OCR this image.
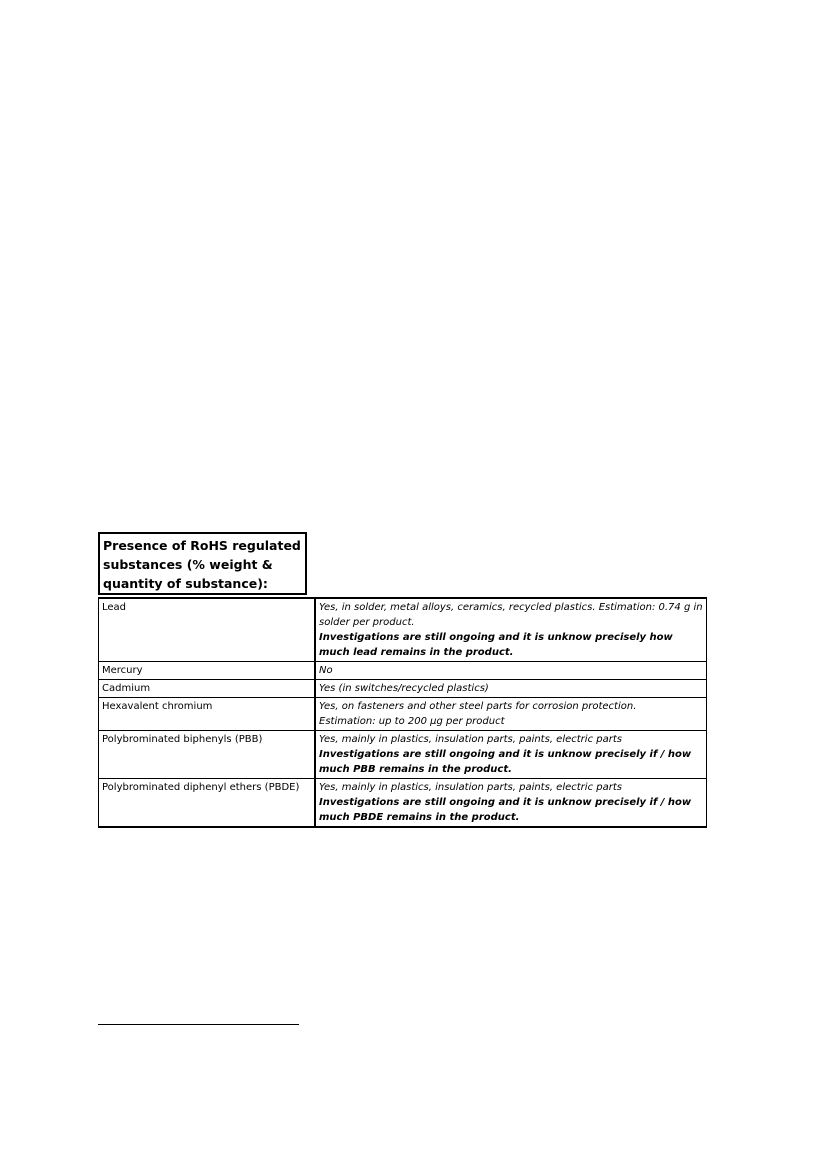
Presence of RoHS regulated substances (% weight & quantity of substance):
Lead	Yes, in solder, metal alloys, ceramics, recycled plastics. Estimation: 0.74 g in solder per product.
Investigations are still ongoing and it is unknow precisely how much lead remains in the product.

Mercury	No

Cadmium	Yes (in switches/recycled plastics)

Hexavalent chromium	Yes, on fasteners and other steel parts for corrosion protection.
Estimation: up to 200 µg per product

Polybrominated biphenyls (PBB)	Yes, mainly in plastics, insulation parts, paints, electric parts
Investigations are still ongoing and it is unknow precisely if / how much PBB remains in the product.

Polybrominated diphenyl ethers (PBDE)	Yes, mainly in plastics, insulation parts, paints, electric parts
Investigations are still ongoing and it is unknow precisely if / how much PBDE remains in the product.
